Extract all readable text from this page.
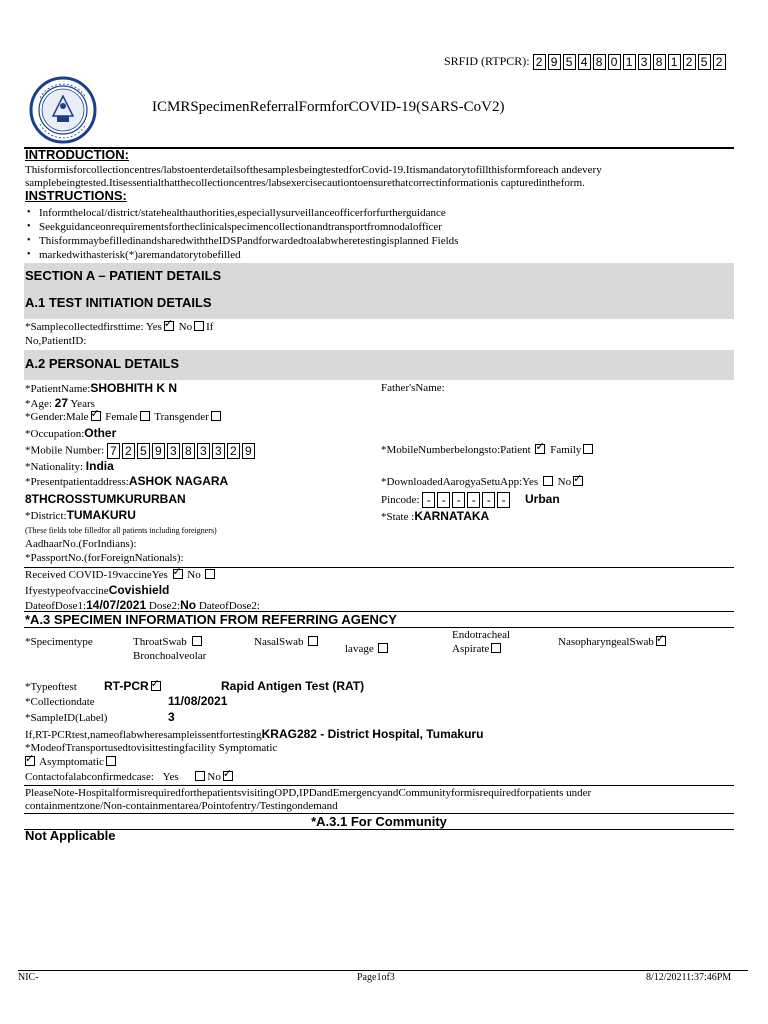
SRFID (RTPCR): 2 9 5 4 8 0 1 3 8 1 2 5 2
ICMRSpecimenReferralFormforCOVID-19(SARS-CoV2)
INTRODUCTION:
Thisformisforcollectioncentres/labstoenterdetailsofthesamplesbeingtestedforCovid-19.Itismandatorytofillthisformforeach andevery
samplebeingtested.Itisessentialthatthecollectioncentres/labsexercisecautiontoensurethatcorrectinformationis capturedintheform.
INSTRUCTIONS:
• Informthelocal/district/statehealthauthorities,especiallysurveillanceofficerforfurtherguidance
• Seekguidanceonrequirementsfortheclinicalspecimencollectionandtransportfromnodalofficer
• ThisformmaybefilledinandsharedwiththeIDSPandforwardedtoalabwheretestingisplanned Fields
• markedwithasterisk(*)aremandatorytobefilled
SECTION A – PATIENT DETAILS
A.1 TEST INITIATION DETAILS
*Samplecollectedfirsttime: Yes ✓ No If
No,PatientID:
A.2 PERSONAL DETAILS
*PatientName:SHOBHITH K N	Father'sName:
*Age: 27 Years
*Gender:Male ✓ Female Transgender
*Occupation:Other
*Mobile Number: 7 2 5 9 3 8 3 3 2 9	*MobileNumberbelongsto:Patient ✓ Family
*Nationality: India
*Presentpatientaddress:ASHOK NAGARA	*DownloadedAarogyaSetuApp:Yes No✓
8THCROSSTUMKURURBAN	Pincode: - - - - - -	Urban
*District:TUMAKURU	*State :KARNATAKA
(These fields tobe filledfor all patients including foreigners)
AadhaarNo.(ForIndians):
*PassportNo.(forForeignNationals):
Received COVID-19vaccineYes ✓ No
IfyestypeofvaccineCovishield
DateofDose1:14/07/2021 Dose2:No DateofDose2:
*A.3 SPECIMEN INFORMATION FROM REFERRING AGENCY
*Specimentype	ThroatSwab
Bronchoalveolar
NasalSwab
lavage
Endotracheal
Aspirate
NasopharyngealSwab✓
*Typeoftest RT-PCR ✓	Rapid Antigen Test (RAT)
*Collectiondate	11/08/2021
*SampleID(Label)	3
If,RT-PCRtest,nameoflabwheresampleissentfortestingKRAG282 - District Hospital, Tumakuru
*ModeofTransportusedtovisittestingfacility Symptomatic
✓ Asymptomatic
Contactofalabconfirmedcase: Yes	No✓
PleaseNote-HospitalformisrequiredforthepatientsvisitingOPD,IPDandEmergencyandCommunityformisrequiredforpatients under
containmentzone/Non-containmentarea/Pointofentry/Testingondemand
*A.3.1 For Community
Not Applicable
NIC-	Page1of3	8/12/20211:37:46PM
